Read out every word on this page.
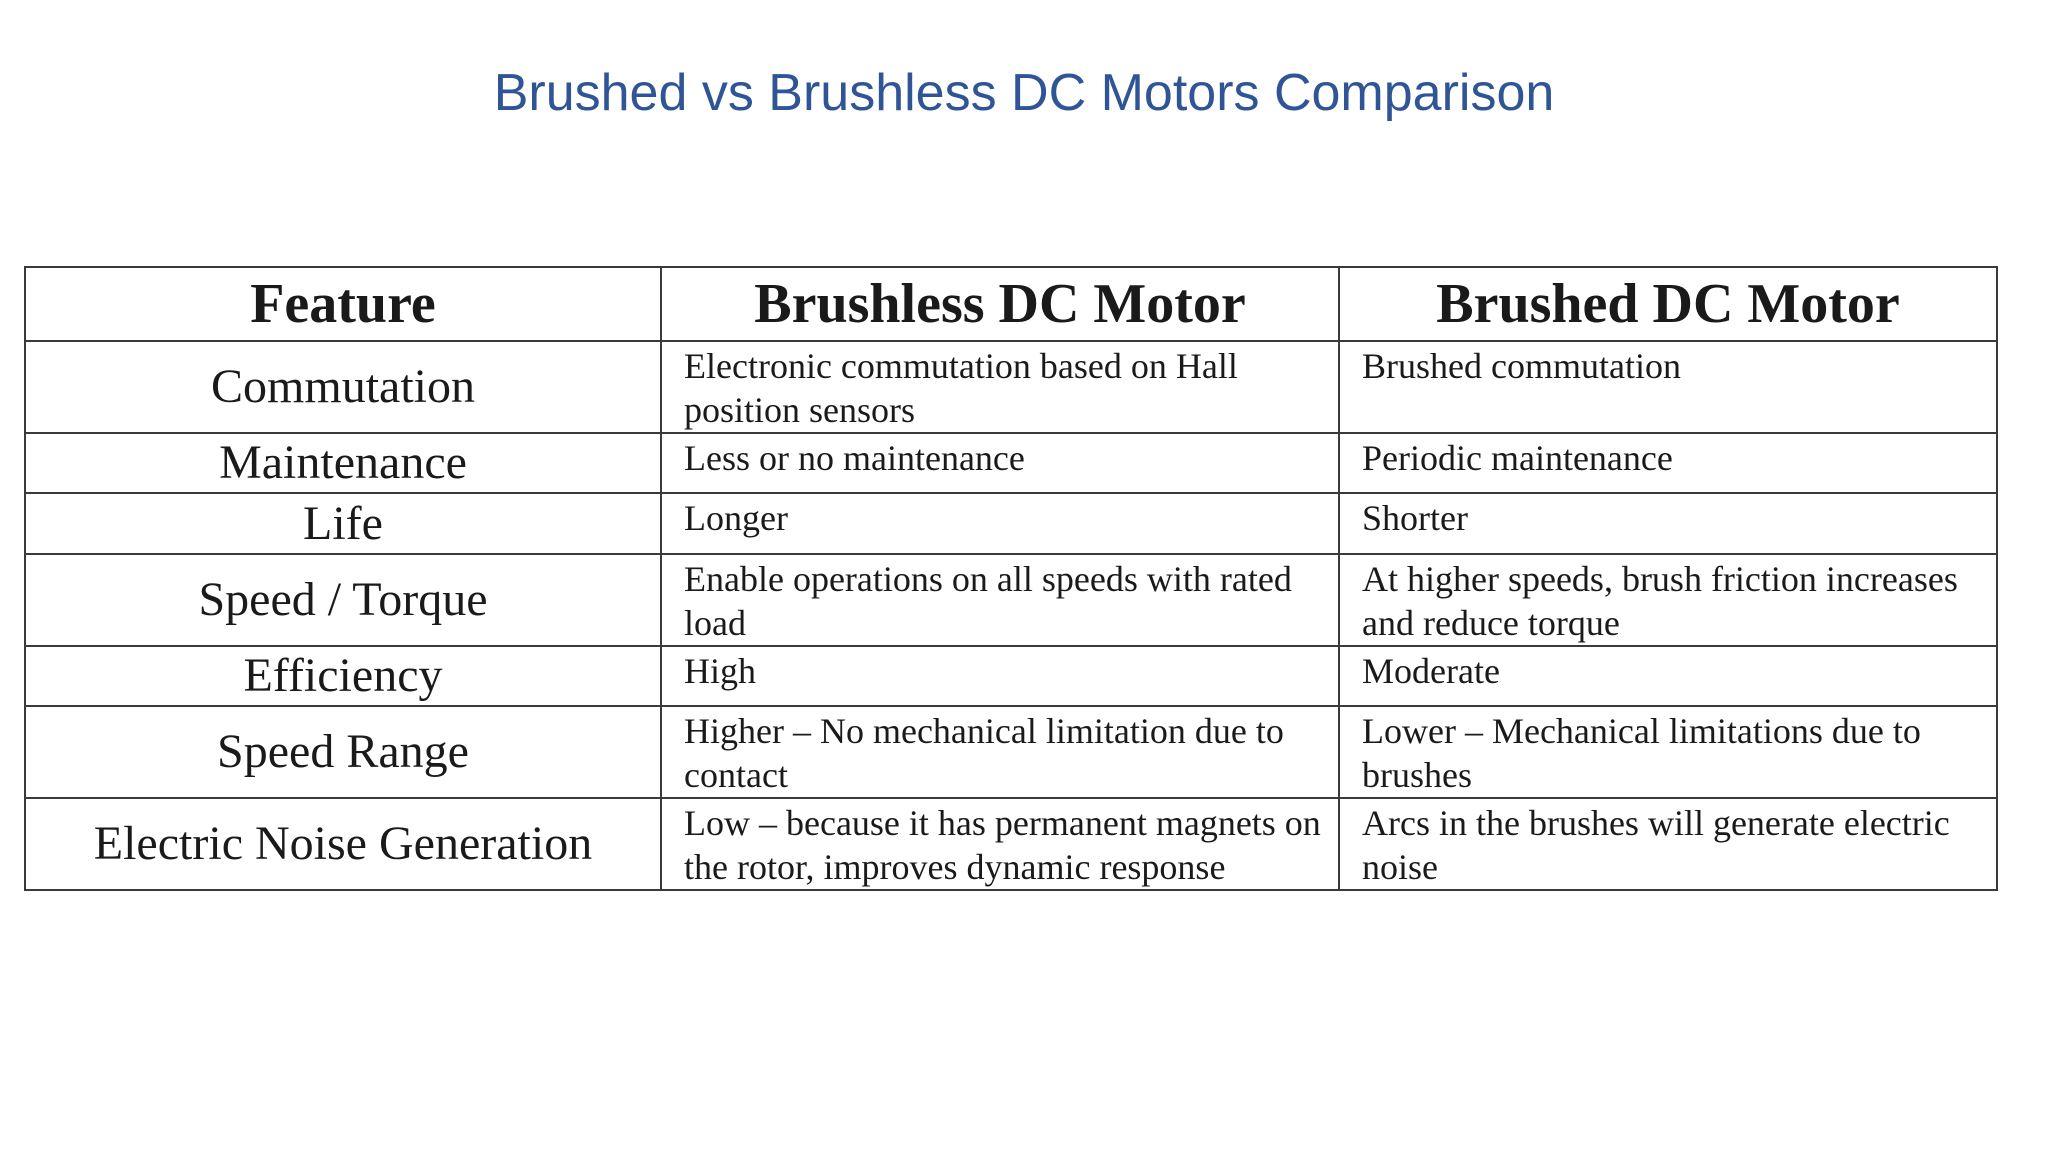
Brushed vs Brushless DC Motors Comparison
Feature	Brushless DC Motor	Brushed DC Motor
Commutation	Electronic commutation based on Hall position sensors	Brushed commutation
Maintenance	Less or no maintenance	Periodic maintenance
Life	Longer	Shorter
Speed / Torque	Enable operations on all speeds with rated load	At higher speeds, brush friction increases and reduce torque
Efficiency	High	Moderate
Speed Range	Higher – No mechanical limitation due to contact	Lower – Mechanical limitations due to brushes
Electric Noise Generation	Low – because it has permanent magnets on the rotor, improves dynamic response	Arcs in the brushes will generate electric noise
